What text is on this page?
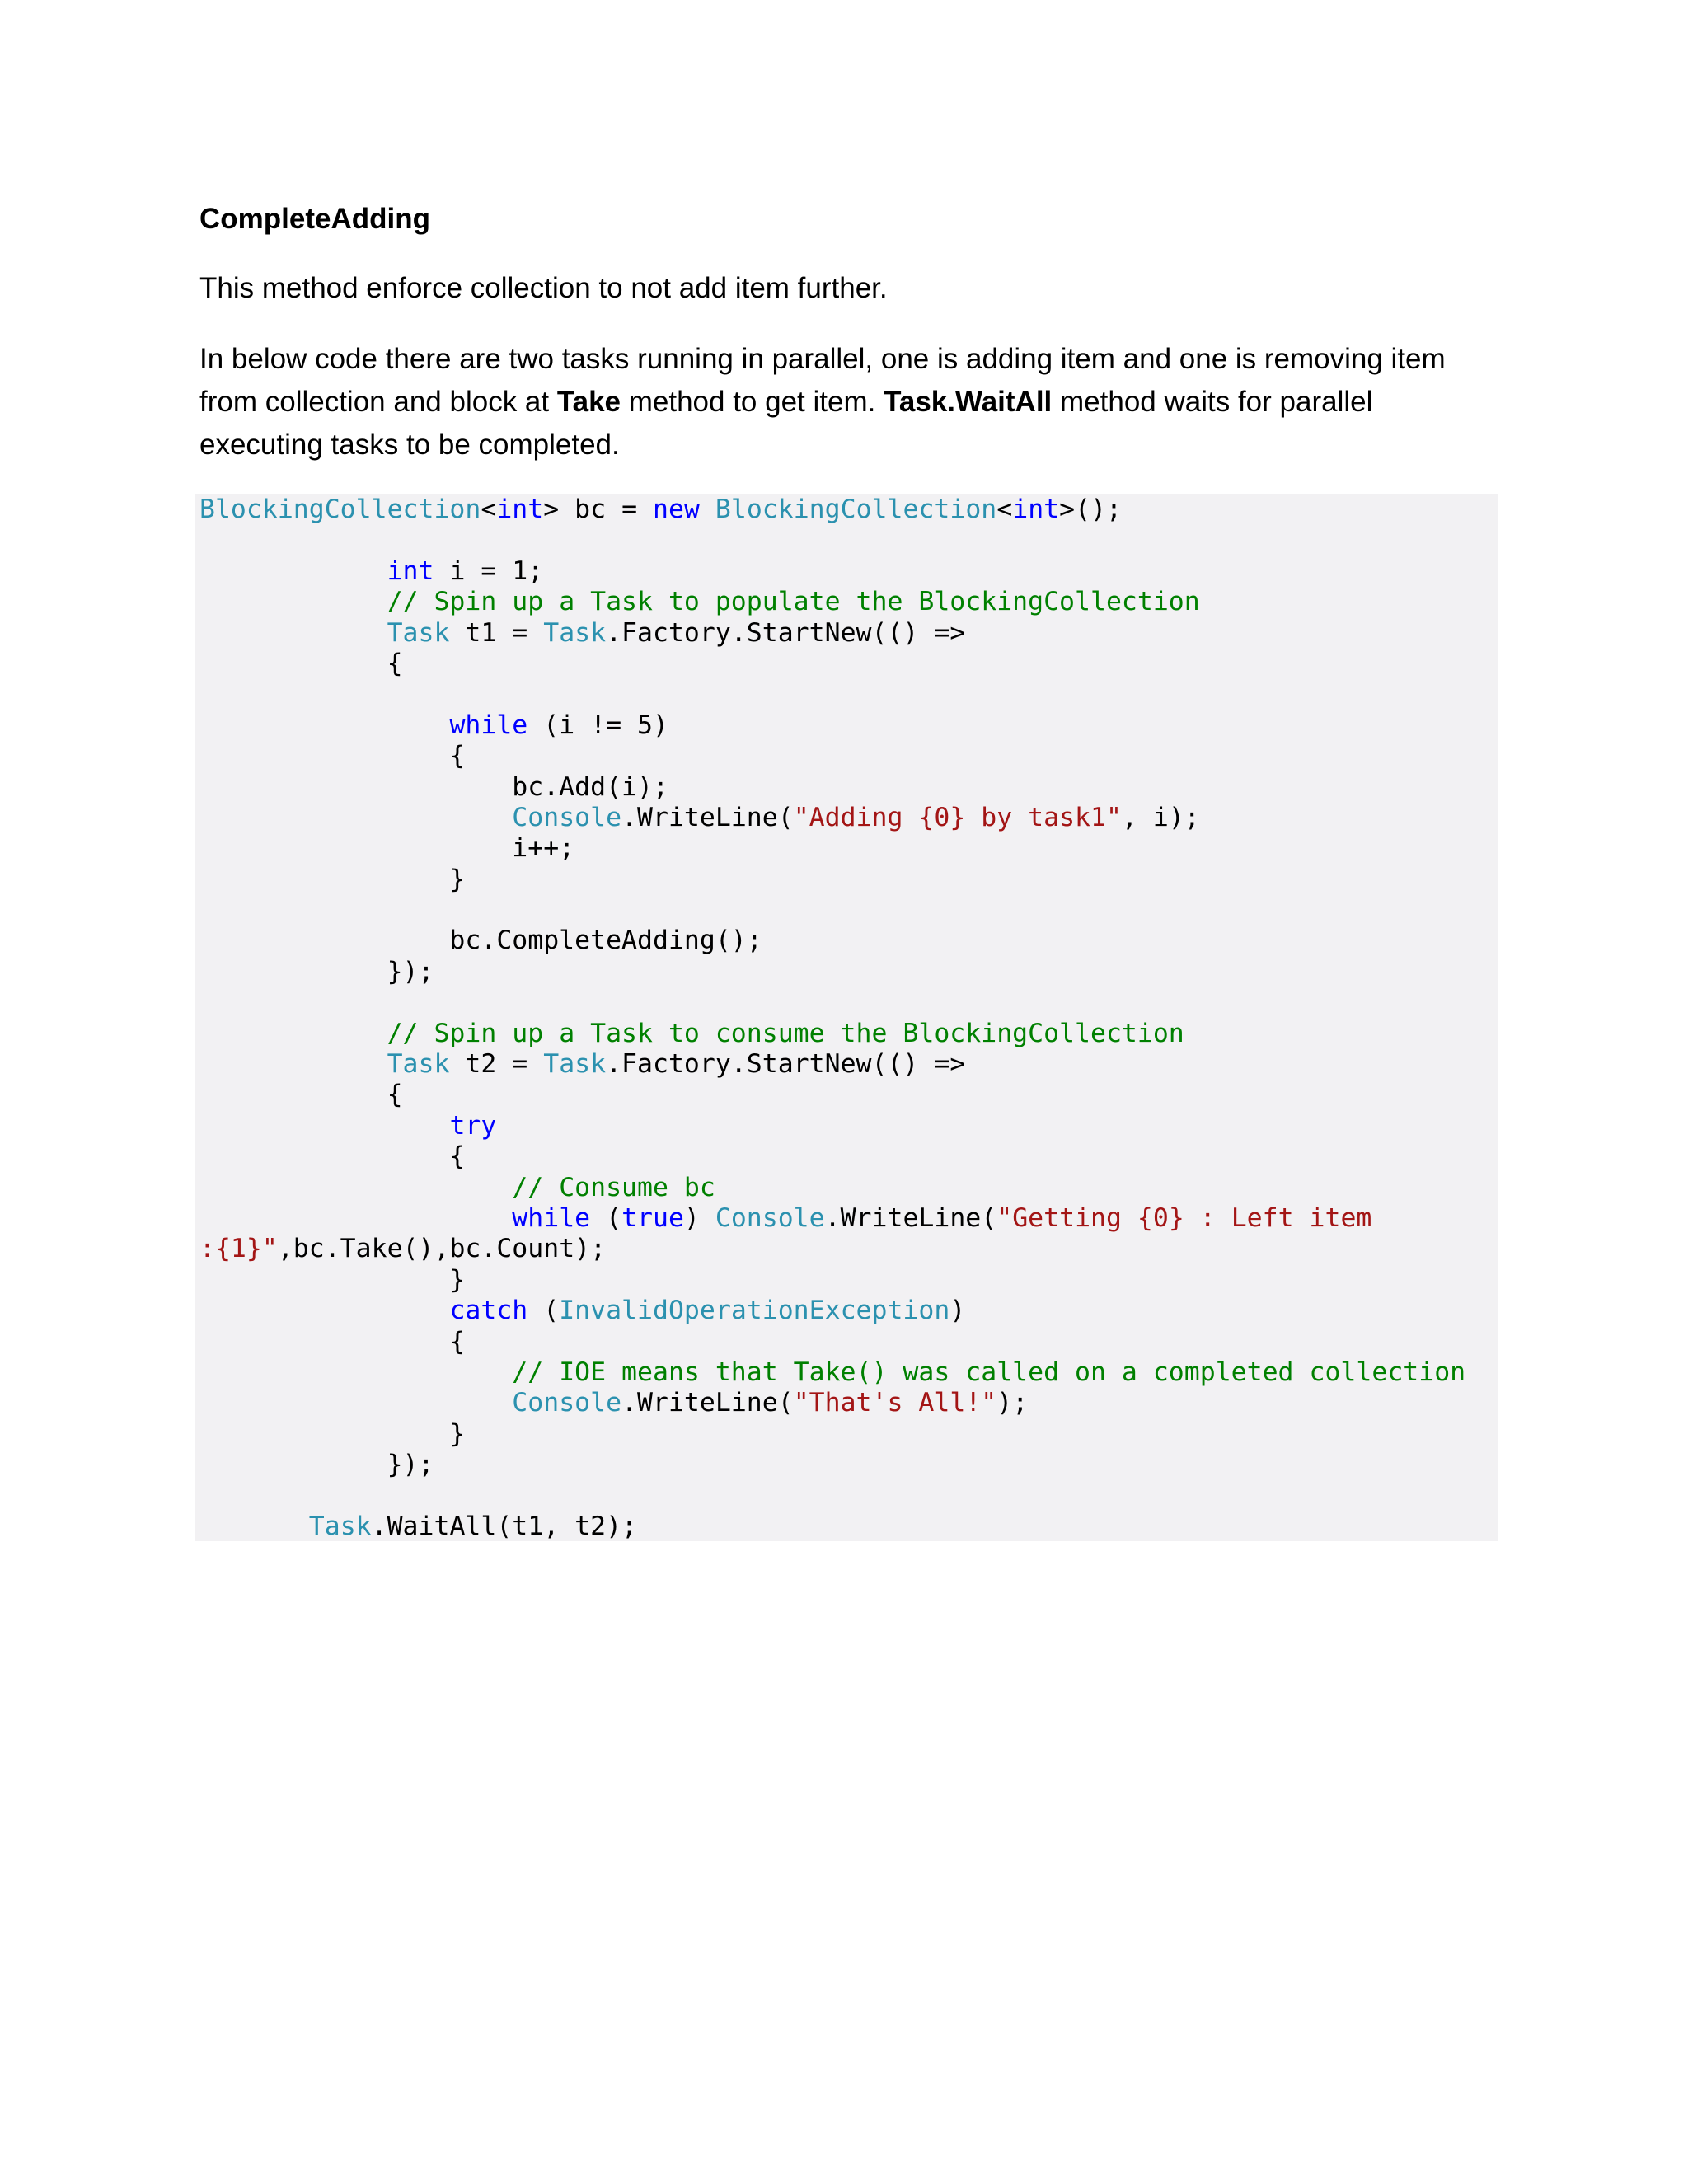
CompleteAdding
This method enforce collection to not add item further.
In below code there are two tasks running in parallel, one is adding item and one is removing item from collection and block at Take method to get item. Task.WaitAll method waits for parallel executing tasks to be completed.
BlockingCollection<int> bc = new BlockingCollection<int>();

int i = 1;
// Spin up a Task to populate the BlockingCollection
Task t1 = Task.Factory.StartNew(() =>
{

while (i != 5)
{
bc.Add(i);
Console.WriteLine("Adding {0} by task1", i);
i++;
}

bc.CompleteAdding();
});

// Spin up a Task to consume the BlockingCollection
Task t2 = Task.Factory.StartNew(() =>
{
try
{
// Consume bc
while (true) Console.WriteLine("Getting {0} : Left item
:{1}",bc.Take(),bc.Count);
}
catch (InvalidOperationException)
{
// IOE means that Take() was called on a completed collection
Console.WriteLine("That's All!");
}
});

Task.WaitAll(t1, t2);
